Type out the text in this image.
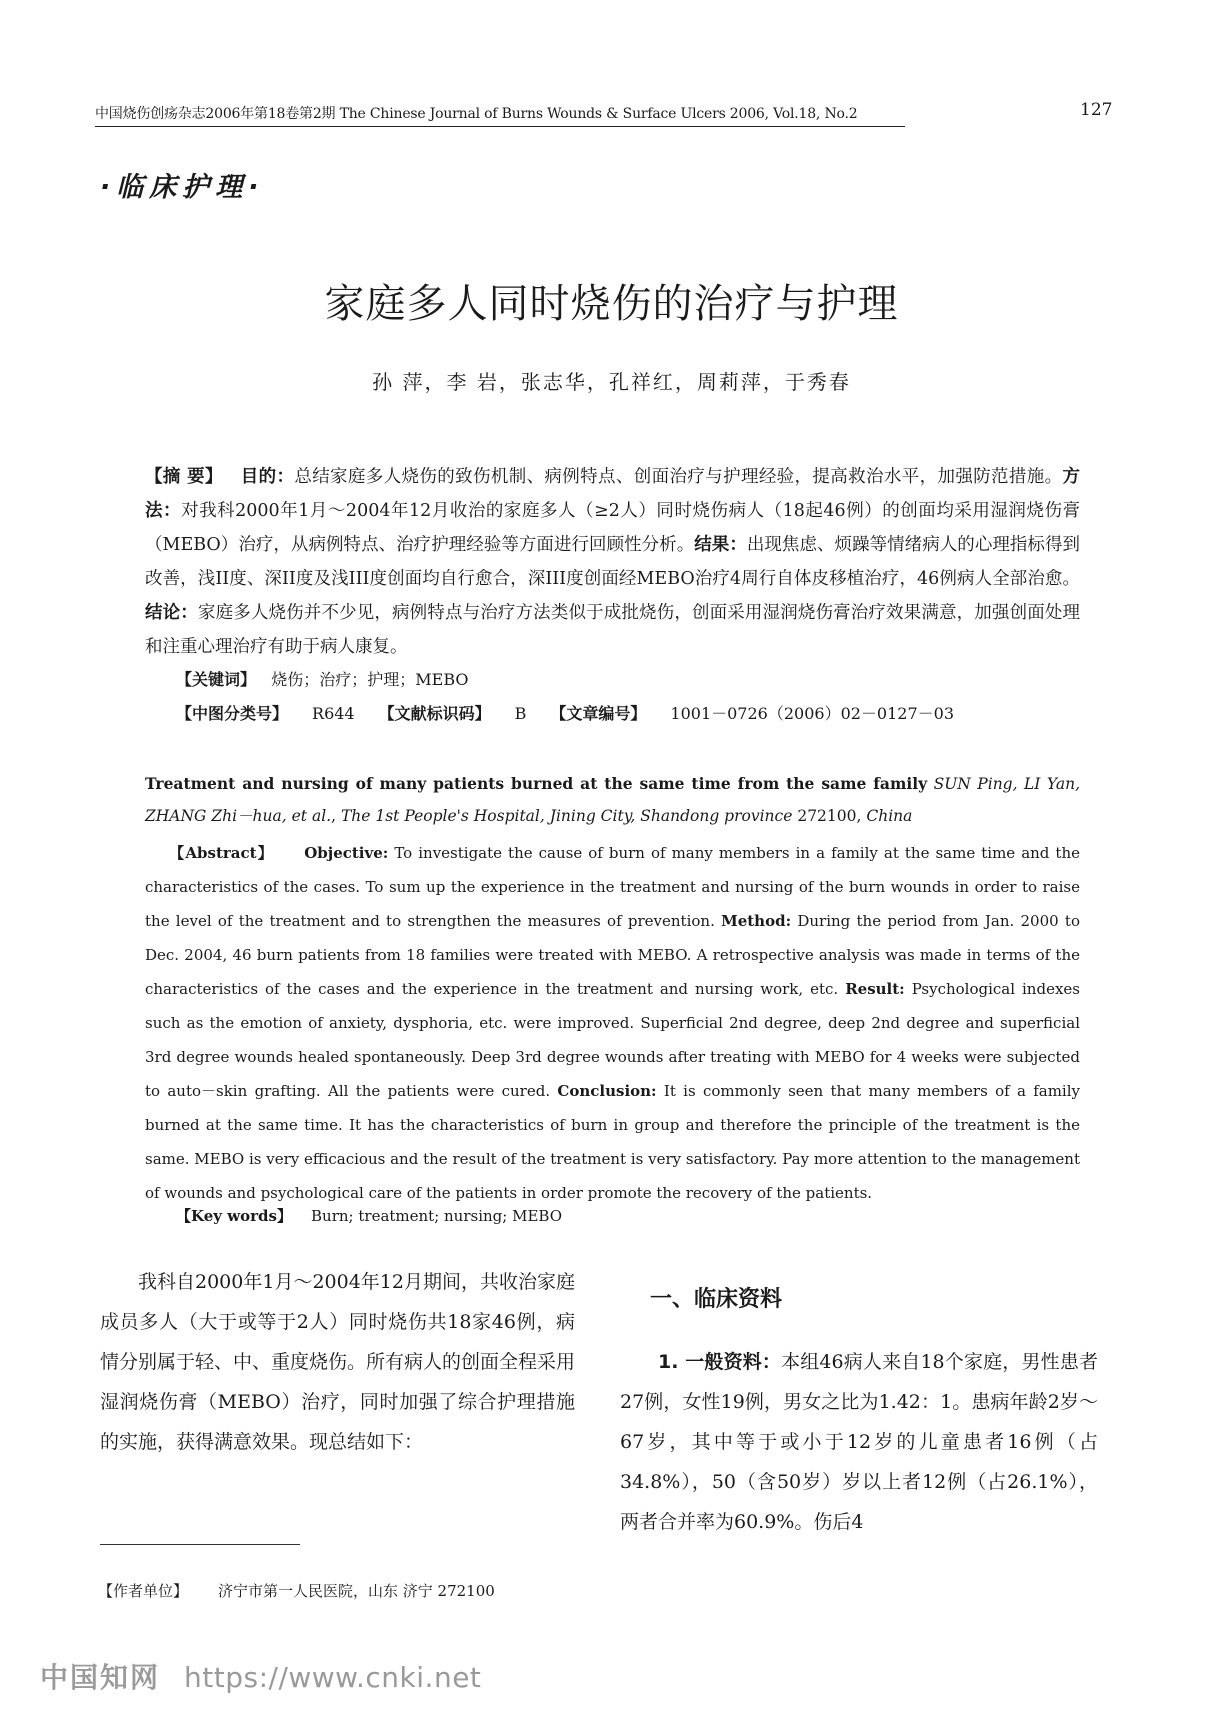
中国烧伤创疡杂志2006年第18卷第2期 The Chinese Journal of Burns Wounds & Surface Ulcers 2006, Vol.18, No.2	127
·临床护理·
家庭多人同时烧伤的治疗与护理
孙 萍，李 岩，张志华，孔祥红，周莉萍，于秀春
【摘 要】 目的：总结家庭多人烧伤的致伤机制、病例特点、创面治疗与护理经验，提高救治水平，加强防范措施。方法：对我科2000年1月～2004年12月收治的家庭多人（≥2人）同时烧伤病人（18起46例）的创面均采用湿润烧伤膏（MEBO）治疗，从病例特点、治疗护理经验等方面进行回顾性分析。结果：出现焦虑、烦躁等情绪病人的心理指标得到改善，浅II度、深II度及浅III度创面均自行愈合，深III度创面经MEBO治疗4周行自体皮移植治疗，46例病人全部治愈。结论：家庭多人烧伤并不少见，病例特点与治疗方法类似于成批烧伤，创面采用湿润烧伤膏治疗效果满意，加强创面处理和注重心理治疗有助于病人康复。
【关键词】 烧伤；治疗；护理；MEBO
【中图分类号】 R644 【文献标识码】 B 【文章编号】 1001－0726（2006）02－0127－03
Treatment and nursing of many patients burned at the same time from the same family SUN Ping, LI Yan, ZHANG Zhi－hua, et al., The 1st People's Hospital, Jining City, Shandong province 272100, China
【Abstract】 Objective: To investigate the cause of burn of many members in a family at the same time and the characteristics of the cases. To sum up the experience in the treatment and nursing of the burn wounds in order to raise the level of the treatment and to strengthen the measures of prevention. Method: During the period from Jan. 2000 to Dec. 2004, 46 burn patients from 18 families were treated with MEBO. A retrospective analysis was made in terms of the characteristics of the cases and the experience in the treatment and nursing work, etc. Result: Psychological indexes such as the emotion of anxiety, dysphoria, etc. were improved. Superficial 2nd degree, deep 2nd degree and superficial 3rd degree wounds healed spontaneously. Deep 3rd degree wounds after treating with MEBO for 4 weeks were subjected to auto－skin grafting. All the patients were cured. Conclusion: It is commonly seen that many members of a family burned at the same time. It has the characteristics of burn in group and therefore the principle of the treatment is the same. MEBO is very efficacious and the result of the treatment is very satisfactory. Pay more attention to the management of wounds and psychological care of the patients in order promote the recovery of the patients.
【Key words】 Burn; treatment; nursing; MEBO
我科自2000年1月～2004年12月期间，共收治家庭成员多人（大于或等于2人）同时烧伤共18家46例，病情分别属于轻、中、重度烧伤。所有病人的创面全程采用湿润烧伤膏（MEBO）治疗，同时加强了综合护理措施的实施，获得满意效果。现总结如下：
一、临床资料
1. 一般资料：本组46病人来自18个家庭，男性患者27例，女性19例，男女之比为1.42：1。患病年龄2岁～67岁，其中等于或小于12岁的儿童患者16例（占34.8%），50（含50岁）岁以上者12例（占26.1%），两者合并率为60.9%。伤后4
【作者单位】 济宁市第一人民医院，山东 济宁 272100
中国知网 https://www.cnki.net
